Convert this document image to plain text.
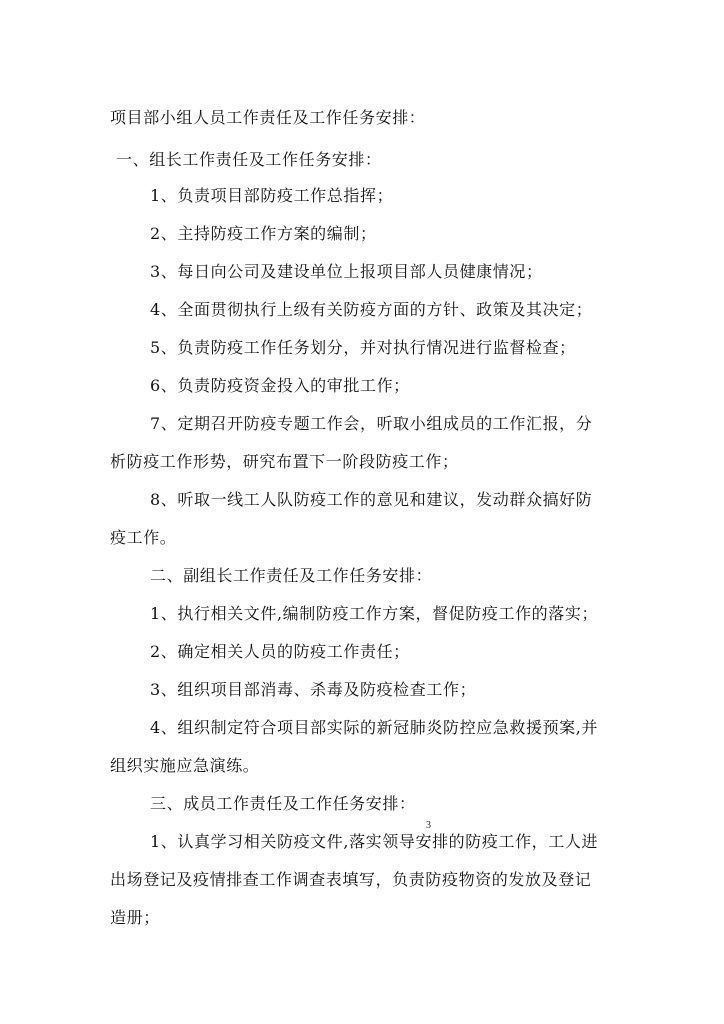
项目部小组人员工作责任及工作任务安排：
一、组长工作责任及工作任务安排：
1、负责项目部防疫工作总指挥；
2、主持防疫工作方案的编制；
3、每日向公司及建设单位上报项目部人员健康情况；
4、全面贯彻执行上级有关防疫方面的方针、政策及其决定；
5、负责防疫工作任务划分，并对执行情况进行监督检查；
6、负责防疫资金投入的审批工作；
7、定期召开防疫专题工作会，听取小组成员的工作汇报，分
析防疫工作形势，研究布置下一阶段防疫工作；
8、听取一线工人队防疫工作的意见和建议，发动群众搞好防
疫工作。
二、副组长工作责任及工作任务安排：
1、执行相关文件,编制防疫工作方案，督促防疫工作的落实；
2、确定相关人员的防疫工作责任；
3、组织项目部消毒、杀毒及防疫检查工作；
4、组织制定符合项目部实际的新冠肺炎防控应急救援预案,并
组织实施应急演练。
三、成员工作责任及工作任务安排：
1、认真学习相关防疫文件,落实领导安排的防疫工作，工人进
出场登记及疫情排查工作调查表填写，负责防疫物资的发放及登记
造册；
3
